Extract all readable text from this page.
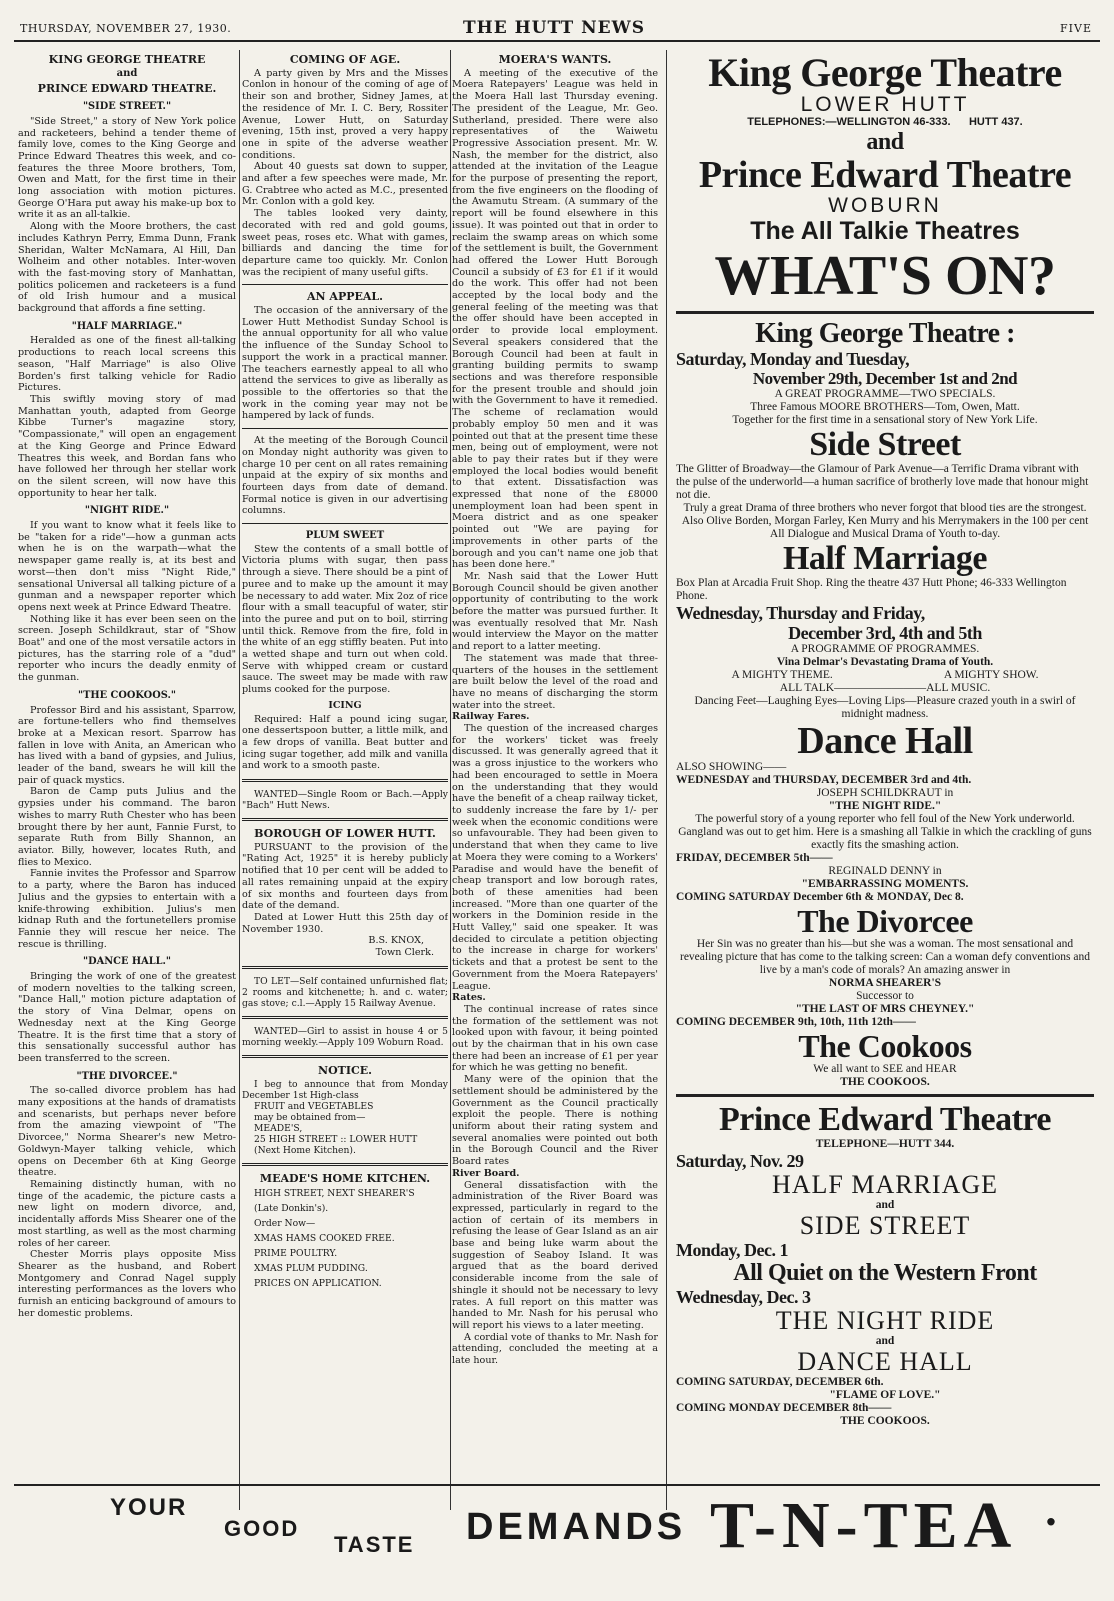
THURSDAY, NOVEMBER 27, 1930.	THE HUTT NEWS	FIVE
KING GEORGE THEATRE
and
PRINCE EDWARD THEATRE.
"SIDE STREET."

"Side Street," a story of New York police and racketeers, behind a tender theme of family love, comes to the King George and Prince Edward Theatres this week, and co-features the three Moore brothers, Tom, Owen and Matt, for the first time in their long association with motion pictures. George O'Hara put away his make-up box to write it as an all-talkie.

Along with the Moore brothers, the cast includes Kathryn Perry, Emma Dunn, Frank Sheridan, Walter McNamara, Al Hill, Dan Wolheim and other notables. Inter-woven with the fast-moving story of Manhattan, politics policemen and racketeers is a fund of old Irish humour and a musical background that affords a fine setting.

"HALF MARRIAGE."

Heralded as one of the finest all-talking productions to reach local screens this season, "Half Marriage" is also Olive Borden's first talking vehicle for Radio Pictures.

This swiftly moving story of mad Manhattan youth, adapted from George Kibbe Turner's magazine story, "Compassionate," will open an engagement at the King George and Prince Edward Theatres this week, and Bordan fans who have followed her through her stellar work on the silent screen, will now have this opportunity to hear her talk.

"NIGHT RIDE."

If you want to know what it feels like to be "taken for a ride"—how a gunman acts when he is on the warpath—what the newspaper game really is, at its best and worst—then don't miss "Night Ride," sensational Universal all talking picture of a gunman and a newspaper reporter which opens next week at Prince Edward Theatre.

Nothing like it has ever been seen on the screen. Joseph Schildkraut, star of "Show Boat" and one of the most versatile actors in pictures, has the starring role of a "dud" reporter who incurs the deadly enmity of the gunman.

"THE COOKOOS."

Professor Bird and his assistant, Sparrow, are fortune-tellers who find themselves broke at a Mexican resort. Sparrow has fallen in love with Anita, an American who has lived with a band of gypsies, and Julius, leader of the band, swears he will kill the pair of quack mystics.

Baron de Camp puts Julius and the gypsies under his command. The baron wishes to marry Ruth Chester who has been brought there by her aunt, Fannie Furst, to separate Ruth from Billy Shannon, an aviator. Billy, however, locates Ruth, and flies to Mexico.

Fannie invites the Professor and Sparrow to a party, where the Baron has induced Julius and the gypsies to entertain with a knife-throwing exhibition. Julius's men kidnap Ruth and the fortunetellers promise Fannie they will rescue her neice. The rescue is thrilling.

"DANCE HALL."

Bringing the work of one of the greatest of modern novelties to the talking screen, "Dance Hall," motion picture adaptation of the story of Vina Delmar, opens on Wednesday next at the King George Theatre. It is the first time that a story of this sensationally successful author has been transferred to the screen.

"THE DIVORCEE."

The so-called divorce problem has had many expositions at the hands of dramatists and scenarists, but perhaps never before from the amazing viewpoint of "The Divorcee," Norma Shearer's new Metro-Goldwyn-Mayer talking vehicle, which opens on December 6th at King George theatre.

Remaining distinctly human, with no tinge of the academic, the picture casts a new light on modern divorce, and, incidentally affords Miss Shearer one of the most startling, as well as the most charming roles of her career.

Chester Morris plays opposite Miss Shearer as the husband, and Robert Montgomery and Conrad Nagel supply interesting performances as the lovers who furnish an enticing background of amours to her domestic problems.

COMING OF AGE.

A party given by Mrs and the Misses Conlon in honour of the coming of age of their son and brother, Sidney James, at the residence of Mr. I. C. Bery, Rossiter Avenue, Lower Hutt, on Saturday evening, 15th inst, proved a very happy one in spite of the adverse weather conditions.

About 40 guests sat down to supper, and after a few speeches were made, Mr. G. Crabtree who acted as M.C., presented Mr. Conlon with a gold key.

The tables looked very dainty, decorated with red and gold goums, sweet peas, roses etc. What with games, billiards and dancing the time for departure came too quickly. Mr. Conlon was the recipient of many useful gifts.

AN APPEAL.

The occasion of the anniversary of the Lower Hutt Methodist Sunday School is the annual opportunity for all who value the influence of the Sunday School to support the work in a practical manner. The teachers earnestly appeal to all who attend the services to give as liberally as possible to the offertories so that the work in the coming year may not be hampered by lack of funds.

At the meeting of the Borough Council on Monday night authority was given to charge 10 per cent on all rates remaining unpaid at the expiry of six months and fourteen days from date of demand. Formal notice is given in our advertising columns.

PLUM SWEET

Stew the contents of a small bottle of Victoria plums with sugar, then pass through a sieve. There should be a pint of puree and to make up the amount it may be necessary to add water. Mix 2oz of rice flour with a small teacupful of water, stir into the puree and put on to boil, stirring until thick. Remove from the fire, fold in the white of an egg stiffly beaten. Put into a wetted shape and turn out when cold. Serve with whipped cream or custard sauce. The sweet may be made with raw plums cooked for the purpose.

ICING

Required: Half a pound icing sugar, one dessertspoon butter, a little milk, and a few drops of vanilla. Beat butter and icing sugar together, add milk and vanilla and work to a smooth paste.

WANTED—Single Room or Bach.—Apply "Bach" Hutt News.

BOROUGH OF LOWER HUTT.

PURSUANT to the provision of the "Rating Act, 1925" it is hereby publicly notified that 10 per cent will be added to all rates remaining unpaid at the expiry of six months and fourteen days from date of the demand.

Dated at Lower Hutt this 25th day of November 1930.

B.S. KNOX,
Town Clerk.

TO LET—Self contained unfurnished flat; 2 rooms and kitchenette; h. and c. water; gas stove; c.l.—Apply 15 Railway Avenue.

WANTED—Girl to assist in house 4 or 5 morning weekly.—Apply 109 Woburn Road.

NOTICE.

I beg to announce that from Monday December 1st High-class

FRUIT and VEGETABLES

may be obtained from—

MEADE'S,

25 HIGH STREET :: LOWER HUTT

(Next Home Kitchen).

MEADE'S HOME KITCHEN.

HIGH STREET, NEXT SHEARER'S

(Late Donkin's).

Order Now—

XMAS HAMS COOKED FREE.

PRIME POULTRY.

XMAS PLUM PUDDING.

PRICES ON APPLICATION.

MOERA'S WANTS.

A meeting of the executive of the Moera Ratepayers' League was held in the Moera Hall last Thursday evening. The president of the League, Mr. Geo. Sutherland, presided. There were also representatives of the Waiwetu Progressive Association present. Mr. W. Nash, the member for the district, also attended at the invitation of the League for the purpose of presenting the report, from the five engineers on the flooding of the Awamutu Stream. (A summary of the report will be found elsewhere in this issue). It was pointed out that in order to reclaim the swamp areas on which some of the settlement is built, the Government had offered the Lower Hutt Borough Council a subsidy of £3 for £1 if it would do the work. This offer had not been accepted by the local body and the general feeling of the meeting was that the offer should have been accepted in order to provide local employment. Several speakers considered that the Borough Council had been at fault in granting building permits to swamp sections and was therefore responsible for the present trouble and should join with the Government to have it remedied. The scheme of reclamation would probably employ 50 men and it was pointed out that at the present time these men, being out of employment, were not able to pay their rates but if they were employed the local bodies would benefit to that extent. Dissatisfaction was expressed that none of the £8000 unemployment loan had been spent in Moera district and as one speaker pointed out "We are paying for improvements in other parts of the borough and you can't name one job that has been done here."

Mr. Nash said that the Lower Hutt Borough Council should be given another opportunity of contributing to the work before the matter was pursued further. It was eventually resolved that Mr. Nash would interview the Mayor on the matter and report to a latter meeting.

The statement was made that three-quarters of the houses in the settlement are built below the level of the road and have no means of discharging the storm water into the street.

Railway Fares.

The question of the increased charges for the workers' ticket was freely discussed. It was generally agreed that it was a gross injustice to the workers who had been encouraged to settle in Moera on the understanding that they would have the benefit of a cheap railway ticket, to suddenly increase the fare by 1/- per week when the economic conditions were so unfavourable. They had been given to understand that when they came to live at Moera they were coming to a Workers' Paradise and would have the benefit of cheap transport and low borough rates, both of these amenities had been increased. "More than one quarter of the workers in the Dominion reside in the Hutt Valley," said one speaker. It was decided to circulate a petition objecting to the increase in charge for workers' tickets and that a protest be sent to the Government from the Moera Ratepayers' League.

Rates.

The continual increase of rates since the formation of the settlement was not looked upon with favour, it being pointed out by the chairman that in his own case there had been an increase of £1 per year for which he was getting no benefit.

Many were of the opinion that the settlement should be administered by the Government as the Council practically exploit the people. There is nothing uniform about their rating system and several anomalies were pointed out both in the Borough Council and the River Board rates

River Board.

General dissatisfaction with the administration of the River Board was expressed, particularly in regard to the action of certain of its members in refusing the lease of Gear Island as an air base and being luke warm about the suggestion of Seaboy Island. It was argued that as the board derived considerable income from the sale of shingle it should not be necessary to levy rates. A full report on this matter was handed to Mr. Nash for his perusal who will report his views to a later meeting.

A cordial vote of thanks to Mr. Nash for attending, concluded the meeting at a late hour.

King George Theatre
LOWER HUTT
TELEPHONES:—WELLINGTON 46-333. HUTT 437.
and
Prince Edward Theatre
WOBURN
The All Talkie Theatres
WHAT'S ON?
King George Theatre :
Saturday, Monday and Tuesday,
November 29th, December 1st and 2nd
A GREAT PROGRAMME—TWO SPECIALS.
Three Famous MOORE BROTHERS—Tom, Owen, Matt.
Together for the first time in a sensational story of New York Life.
Side Street
The Glitter of Broadway—the Glamour of Park Avenue—a Terrific Drama vibrant with the pulse of the underworld—a human sacrifice of brotherly love made that honour might not die.
Truly a great Drama of three brothers who never forgot that blood ties are the strongest.
Also Olive Borden, Morgan Farley, Ken Murry and his Merrymakers in the 100 per cent All Dialogue and Musical Drama of Youth to-day.
Half Marriage
Box Plan at Arcadia Fruit Shop. Ring the theatre 437 Hutt Phone; 46-333 Wellington Phone.
Wednesday, Thursday and Friday,
December 3rd, 4th and 5th
A PROGRAMME OF PROGRAMMES.
Vina Delmar's Devastating Drama of Youth.
A MIGHTY THEME.	A MIGHTY SHOW.
ALL TALK———— ————ALL MUSIC.
Dancing Feet—Laughing Eyes—Loving Lips—Pleasure crazed youth in a swirl of midnight madness.
Dance Hall
ALSO SHOWING——
WEDNESDAY and THURSDAY, DECEMBER 3rd and 4th.
JOSEPH SCHILDKRAUT in
"THE NIGHT RIDE."
The powerful story of a young reporter who fell foul of the New York underworld. Gangland was out to get him. Here is a smashing all Talkie in which the crackling of guns exactly fits the smashing action.
FRIDAY, DECEMBER 5th——
REGINALD DENNY in
"EMBARRASSING MOMENTS.
COMING SATURDAY December 6th & MONDAY, Dec 8.
The Divorcee
Her Sin was no greater than his—but she was a woman. The most sensational and revealing picture that has come to the talking screen: Can a woman defy conventions and live by a man's code of morals? An amazing answer in
NORMA SHEARER'S
Successor to
"THE LAST OF MRS CHEYNEY."
COMING DECEMBER 9th, 10th, 11th 12th——
The Cookoos
We all want to SEE and HEAR
THE COOKOOS.
Prince Edward Theatre
TELEPHONE—HUTT 344.
Saturday, Nov. 29
HALF MARRIAGE
and
SIDE STREET
Monday, Dec. 1
All Quiet on the Western Front
Wednesday, Dec. 3
THE NIGHT RIDE
and
DANCE HALL
COMING SATURDAY, DECEMBER 6th.
"FLAME OF LOVE."
COMING MONDAY DECEMBER 8th——
THE COOKOOS.
YOUR
GOOD
TASTE DEMANDS T-N-TEA .
